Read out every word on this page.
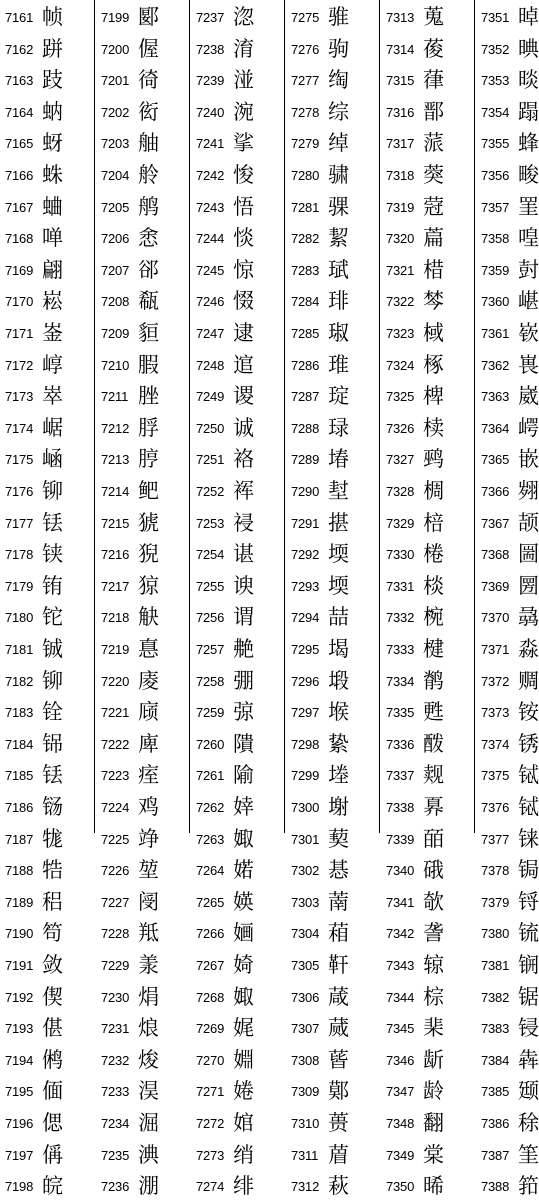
7161 帧
7162 跰
7163 跂
7164 蚋
7165 蚜
7166 蛛
7167 蛐
7168 啴
7169 翩
7170 崧
7171 崟
7172 崞
7173 崒
7174 崌
7175 崡
7176 铆
7177 铥
7178 铗
7179 铕
7180 铊
7181 铖
7182 铆
7183 铨
7184 铞
7185 铥
7186 铴
7187 牻
7188 牿
7189 稆
7190 笱
7191 敛
7192 偰
7193 偡
7194 鸺
7195 偭
7196 偲
7197 偁
7198 皖
7199 郾
7200 偓
7201 徛
7202 衒
7203 舳
7204 舲
7205 鸼
7206 悆
7207 郤
7208 瓻
7209 貆
7210 腵
7211 脞
7212 脬
7213 脝
7214 鲃
7215 猇
7216 猊
7217 猄
7218 觖
7219 惪
7220 庱
7221 庼
7222 庳
7223 痓
7224 鸡
7225 竫
7226 堃
7227 阌
7228 羝
7229 羕
7230 焆
7231 烺
7232 焌
7233 淏
7234 淈
7235 淟
7236 淜
7237 淴
7238 淯
7239 湴
7240 涴
7241 挲
7242 悛
7243 悟
7244 惔
7245 惊
7246 惙
7247 逮
7248 逭
7249 谡
7250 诚
7251 袼
7252 裈
7253 祲
7254 谌
7255 谀
7256 谓
7257 艴
7258 弸
7259 弶
7260 隤
7261 隃
7262 婞
7263 娵
7264 婼
7265 媖
7266 婳
7267 婍
7268 娵
7269 娓
7270 婣
7271 婘
7272 婠
7273 绡
7274 绯
7275 骓
7276 驹
7277 绹
7278 综
7279 绰
7280 骕
7281 骒
7282 絜
7283 珷
7284 琲
7285 琡
7286 琟
7287 琔
7288 琭
7289 堾
7290 堼
7291 揕
7292 堧
7293 堧
7294 喆
7295 堨
7296 塅
7297 堠
7298 絷
7299 堘
7300 塮
7301 葜
7302 惎
7303 萳
7304 葙
7305 靬
7306 葴
7307 蒇
7308 蒈
7309 鄚
7310 蒉
7311 葿
7312 萩
7313 蒐
7314 葰
7315 葎
7316 鄑
7317 蒎
7318 葖
7319 蒄
7320 萹
7321 棤
7322 棽
7323 棫
7324 椓
7325 椑
7326 椟
7327 鹀
7328 椆
7329 棓
7330 棬
7331 棪
7332 椀
7333 楗
7334 鹡
7335 甦
7336 酦
7337 觌
7338 奡
7339 皕
7340 硪
7341 欹
7342 詟
7343 辌
7344 棕
7345 棐
7346 龂
7347 龄
7348 翻
7349 棠
7350 晞
7351 晫
7352 晪
7353 晱
7354 蹋
7355 蜂
7356 畯
7357 罣
7358 喤
7359 尌
7360 嵁
7361 嵚
7362 嵔
7363 崴
7364 崿
7365 嵌
7366 翙
7367 颉
7368 圌
7369 圐
7370 骉
7371 淼
7372 赒
7373 铵
7374 锈
7375 铽
7376 铽
7377 铼
7378 锔
7379 锊
7380 锍
7381 锎
7382 锯
7383 锓
7384 犇
7385 颋
7386 稌
7387 筀
7388 筘
